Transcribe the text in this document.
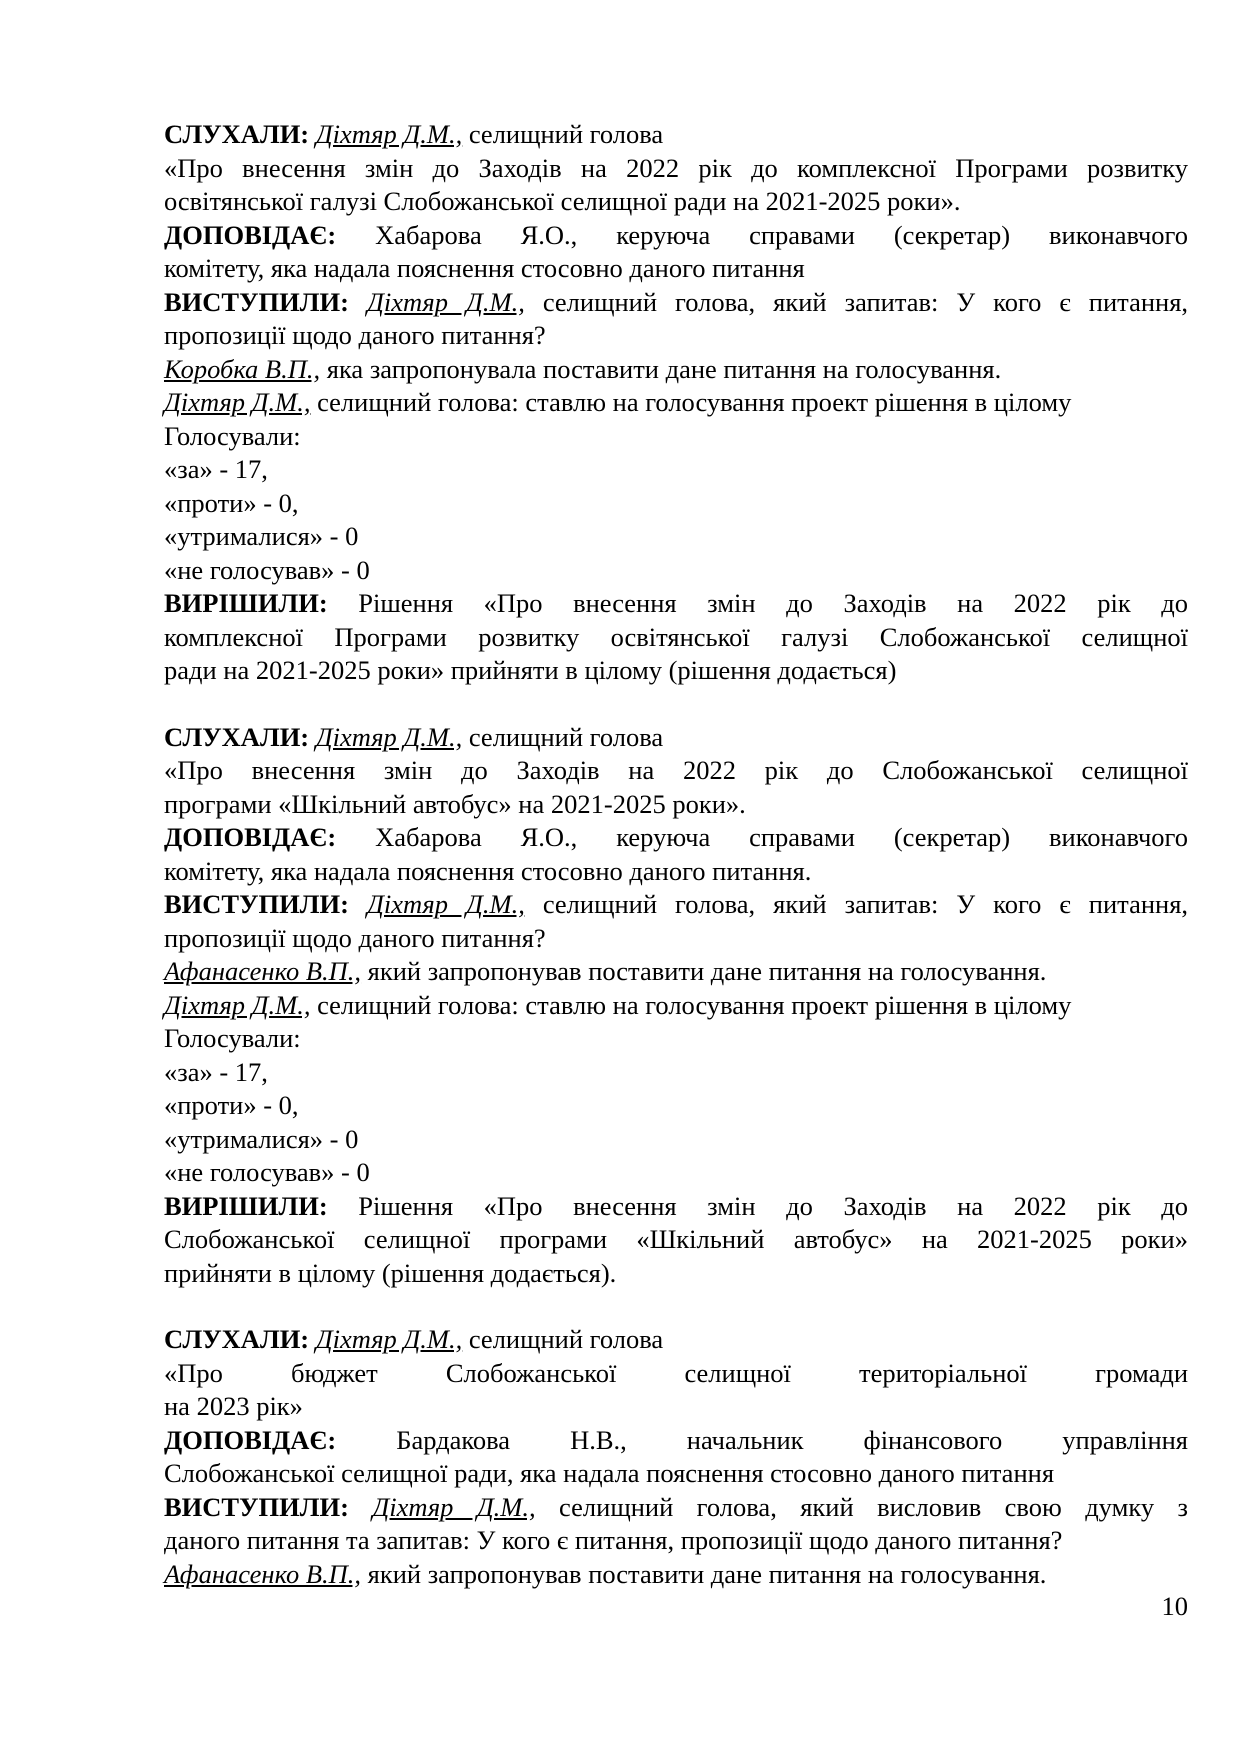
СЛУХАЛИ: Діхтяр Д.М., селищний голова
«Про внесення змін до Заходів на 2022 рік до комплексної Програми розвитку
освітянської галузі Слобожанської селищної ради на 2021-2025 роки».
ДОПОВІДАЄ: Хабарова Я.О., керуюча справами (секретар) виконавчого
комітету, яка надала пояснення стосовно даного питання
ВИСТУПИЛИ: Діхтяр Д.М., селищний голова, який запитав: У кого є питання,
пропозиції щодо даного питання?
Коробка В.П., яка запропонувала поставити дане питання на голосування.
Діхтяр Д.М., селищний голова: ставлю на голосування проект рішення в цілому
Голосували:
«за» - 17,
«проти» - 0,
«утрималися» - 0
«не голосував» - 0
ВИРІШИЛИ: Рішення «Про внесення змін до Заходів на 2022 рік до
комплексної Програми розвитку освітянської галузі Слобожанської селищної
ради на 2021-2025 роки» прийняти в цілому (рішення додається)
СЛУХАЛИ: Діхтяр Д.М., селищний голова
«Про внесення змін до Заходів на 2022 рік до Слобожанської селищної
програми «Шкільний автобус» на 2021-2025 роки».
ДОПОВІДАЄ: Хабарова Я.О., керуюча справами (секретар) виконавчого
комітету, яка надала пояснення стосовно даного питання.
ВИСТУПИЛИ: Діхтяр Д.М., селищний голова, який запитав: У кого є питання,
пропозиції щодо даного питання?
Афанасенко В.П., який запропонував поставити дане питання на голосування.
Діхтяр Д.М., селищний голова: ставлю на голосування проект рішення в цілому
Голосували:
«за» - 17,
«проти» - 0,
«утрималися» - 0
«не голосував» - 0
ВИРІШИЛИ: Рішення «Про внесення змін до Заходів на 2022 рік до
Слобожанської селищної програми «Шкільний автобус» на 2021-2025 роки»
прийняти в цілому (рішення додається).
СЛУХАЛИ: Діхтяр Д.М., селищний голова
«Про бюджет Слобожанської селищної територіальної громади
на 2023 рік»
ДОПОВІДАЄ: Бардакова Н.В., начальник фінансового управління
Слобожанської селищної ради, яка надала пояснення стосовно даного питання
ВИСТУПИЛИ: Діхтяр Д.М., селищний голова, який висловив свою думку з
даного питання та запитав: У кого є питання, пропозиції щодо даного питання?
Афанасенко В.П., який запропонував поставити дане питання на голосування.
10
